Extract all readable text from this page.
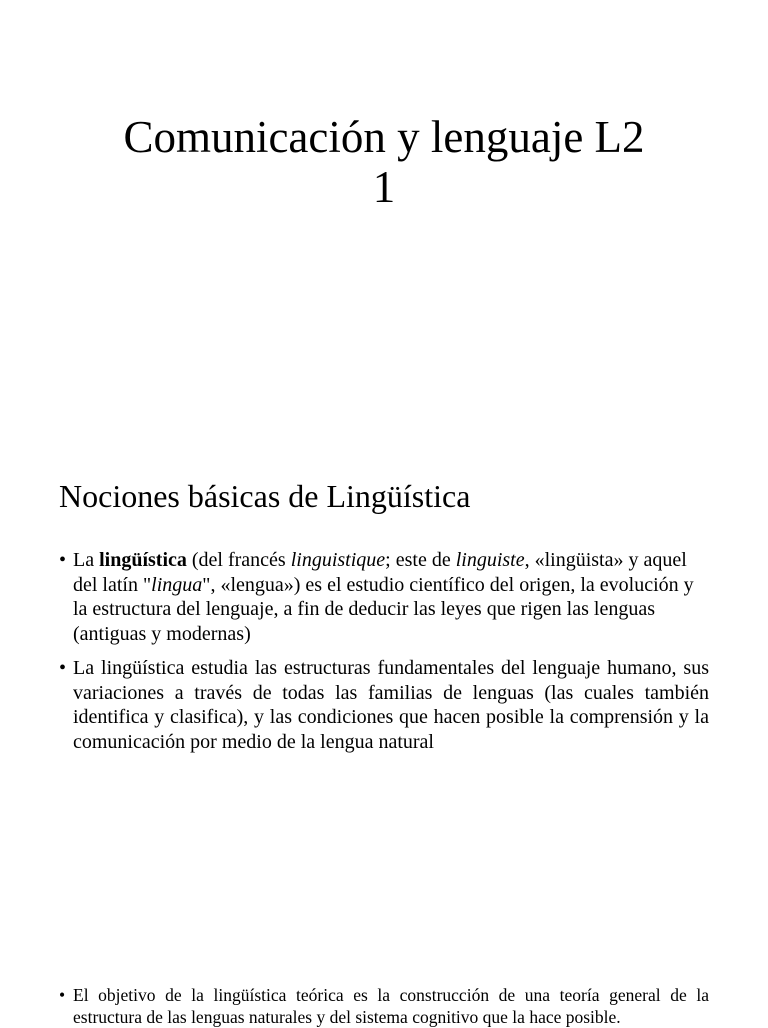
Comunicación y lenguaje L2
1
Nociones básicas de Lingüística
• La lingüística (del francés linguistique; este de linguiste, «lingüista» y aquel del latín "lingua", «lengua») es el estudio científico del origen, la evolución y la estructura del lenguaje, a fin de deducir las leyes que rigen las lenguas (antiguas y modernas)
• La lingüística estudia las estructuras fundamentales del lenguaje humano, sus variaciones a través de todas las familias de lenguas (las cuales también identifica y clasifica), y las condiciones que hacen posible la comprensión y la comunicación por medio de la lengua natural
• El objetivo de la lingüística teórica es la construcción de una teoría general de la estructura de las lenguas naturales y del sistema cognitivo que la hace posible.
